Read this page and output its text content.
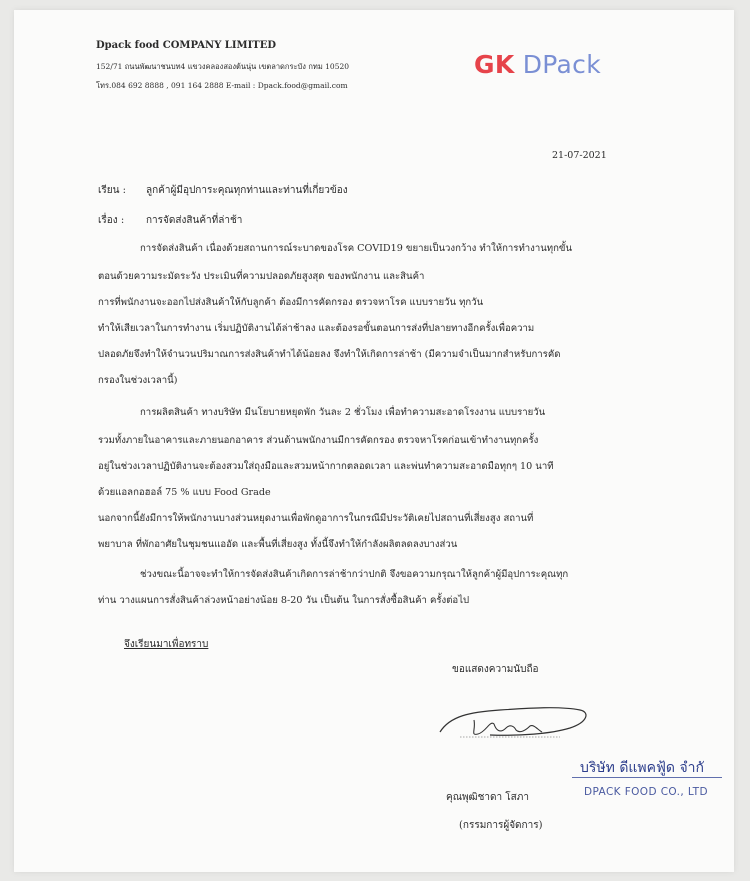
Dpack food COMPANY LIMITED
152/71 ถนนพัฒนาชนบท4 แขวงคลองสองต้นนุ่น เขตลาดกระบัง กทม 10520
โทร.084 692 8888 , 091 164 2888 E-mail : Dpack.food@gmail.com
GK DPack
21-07-2021
เรียน : ลูกค้าผู้มีอุปการะคุณทุกท่านและท่านที่เกี่ยวข้อง
เรื่อง : การจัดส่งสินค้าที่ล่าช้า
การจัดส่งสินค้า เนื่องด้วยสถานการณ์ระบาดของโรค COVID19 ขยายเป็นวงกว้าง ทำให้การทำงานทุกขั้น
ตอนด้วยความระมัดระวัง ประเมินที่ความปลอดภัยสูงสุด ของพนักงาน และสินค้า
การที่พนักงานจะออกไปส่งสินค้าให้กับลูกค้า ต้องมีการคัดกรอง ตรวจหาโรค แบบรายวัน ทุกวัน
ทำให้เสียเวลาในการทำงาน เริ่มปฏิบัติงานได้ล่าช้าลง และต้องรอขั้นตอนการส่งที่ปลายทางอีกครั้งเพื่อความ
ปลอดภัยจึงทำให้จำนวนปริมาณการส่งสินค้าทำได้น้อยลง จึงทำให้เกิดการล่าช้า (มีความจำเป็นมากสำหรับการคัด
กรองในช่วงเวลานี้)
การผลิตสินค้า ทางบริษัท มีนโยบายหยุดพัก วันละ 2 ชั่วโมง เพื่อทำความสะอาดโรงงาน แบบรายวัน
รวมทั้งภายในอาคารและภายนอกอาคาร ส่วนด้านพนักงานมีการคัดกรอง ตรวจหาโรคก่อนเข้าทำงานทุกครั้ง
อยู่ในช่วงเวลาปฏิบัติงานจะต้องสวมใส่ถุงมือและสวมหน้ากากตลอดเวลา และพ่นทำความสะอาดมือทุกๆ 10 นาที
ด้วยแอลกอฮอล์ 75 % แบบ Food Grade
นอกจากนี้ยังมีการให้พนักงานบางส่วนหยุดงานเพื่อพักดูอาการในกรณีมีประวัติเคยไปสถานที่เสี่ยงสูง สถานที่
พยาบาล ที่พักอาศัยในชุมชนแออัด และพื้นที่เสี่ยงสูง ทั้งนี้จึงทำให้กำลังผลิตลดลงบางส่วน
ช่วงขณะนี้อาจจะทำให้การจัดส่งสินค้าเกิดการล่าช้ากว่าปกติ จึงขอความกรุณาให้ลูกค้าผู้มีอุปการะคุณทุก
ท่าน วางแผนการสั่งสินค้าล่วงหน้าอย่างน้อย 8-20 วัน เป็นต้น ในการสั่งซื้อสินค้า ครั้งต่อไป
จึงเรียนมาเพื่อทราบ
ขอแสดงความนับถือ
คุณพุฒิชาดา โสภา
(กรรมการผู้จัดการ)
บริษัท ดีแพคฟู้ด จำกั
DPACK FOOD CO., LTD
